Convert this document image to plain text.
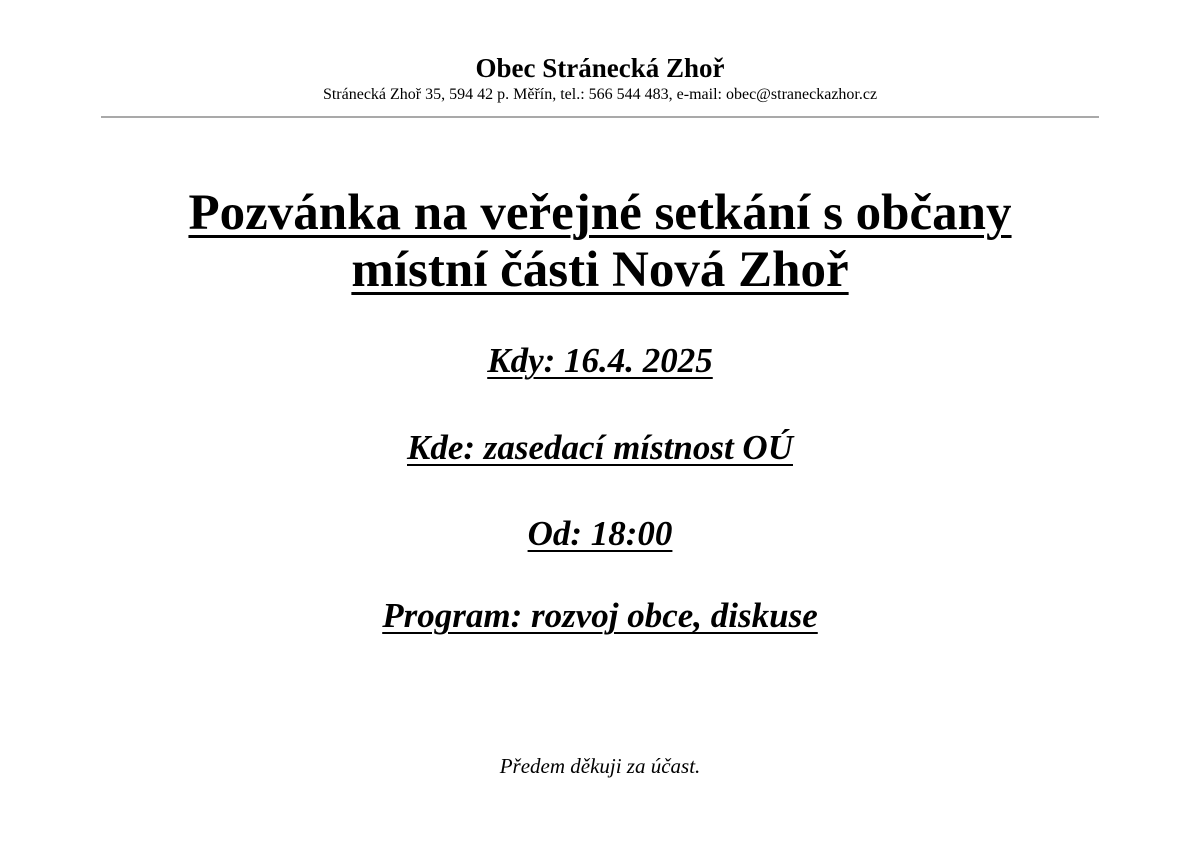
Obec Stránecká Zhoř
Stránecká Zhoř 35, 594 42 p. Měřín, tel.: 566 544 483, e-mail: obec@straneckazhor.cz
Pozvánka na veřejné setkání s občany
místní části Nová Zhoř
Kdy: 16.4. 2025
Kde: zasedací místnost OÚ
Od: 18:00
Program: rozvoj obce, diskuse
Předem děkuji za účast.
